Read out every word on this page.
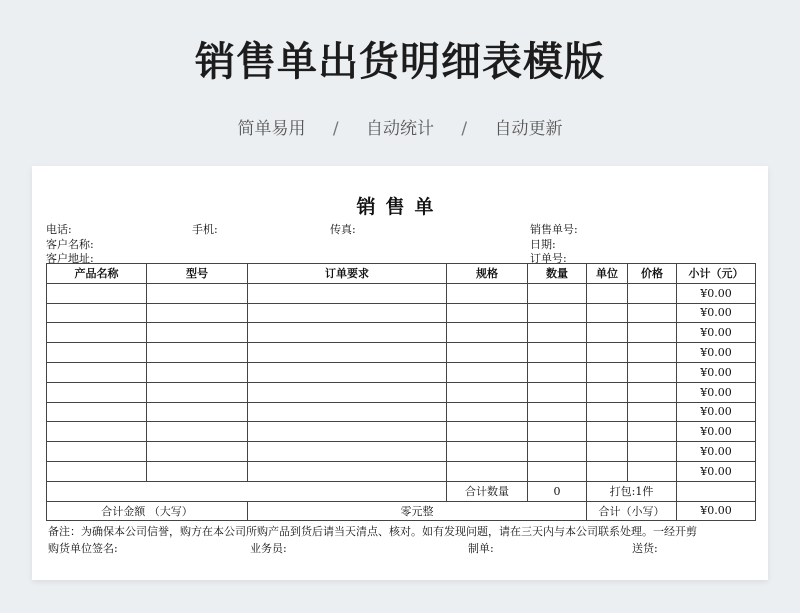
销售单出货明细表模版
简单易用 / 自动统计 / 自动更新
销售单
电话:	手机:	传真:	销售单号:
客户名称:	日期:
客户地址:	订单号:
产品名称	型号	订单要求	规格	数量	单位	价格	小计（元）
							¥0.00
							¥0.00
							¥0.00
							¥0.00
							¥0.00
							¥0.00
							¥0.00
							¥0.00
							¥0.00
							¥0.00
			合计数量	0	打包:1件		
合计金额 （大写）		零元整			合计（小写）		¥0.00
备注：为确保本公司信誉，购方在本公司所购产品到货后请当天清点、核对。如有发现问题，请在三天内与本公司联系处理。一经开剪
购货单位签名:	业务员:	制单:	送货:
